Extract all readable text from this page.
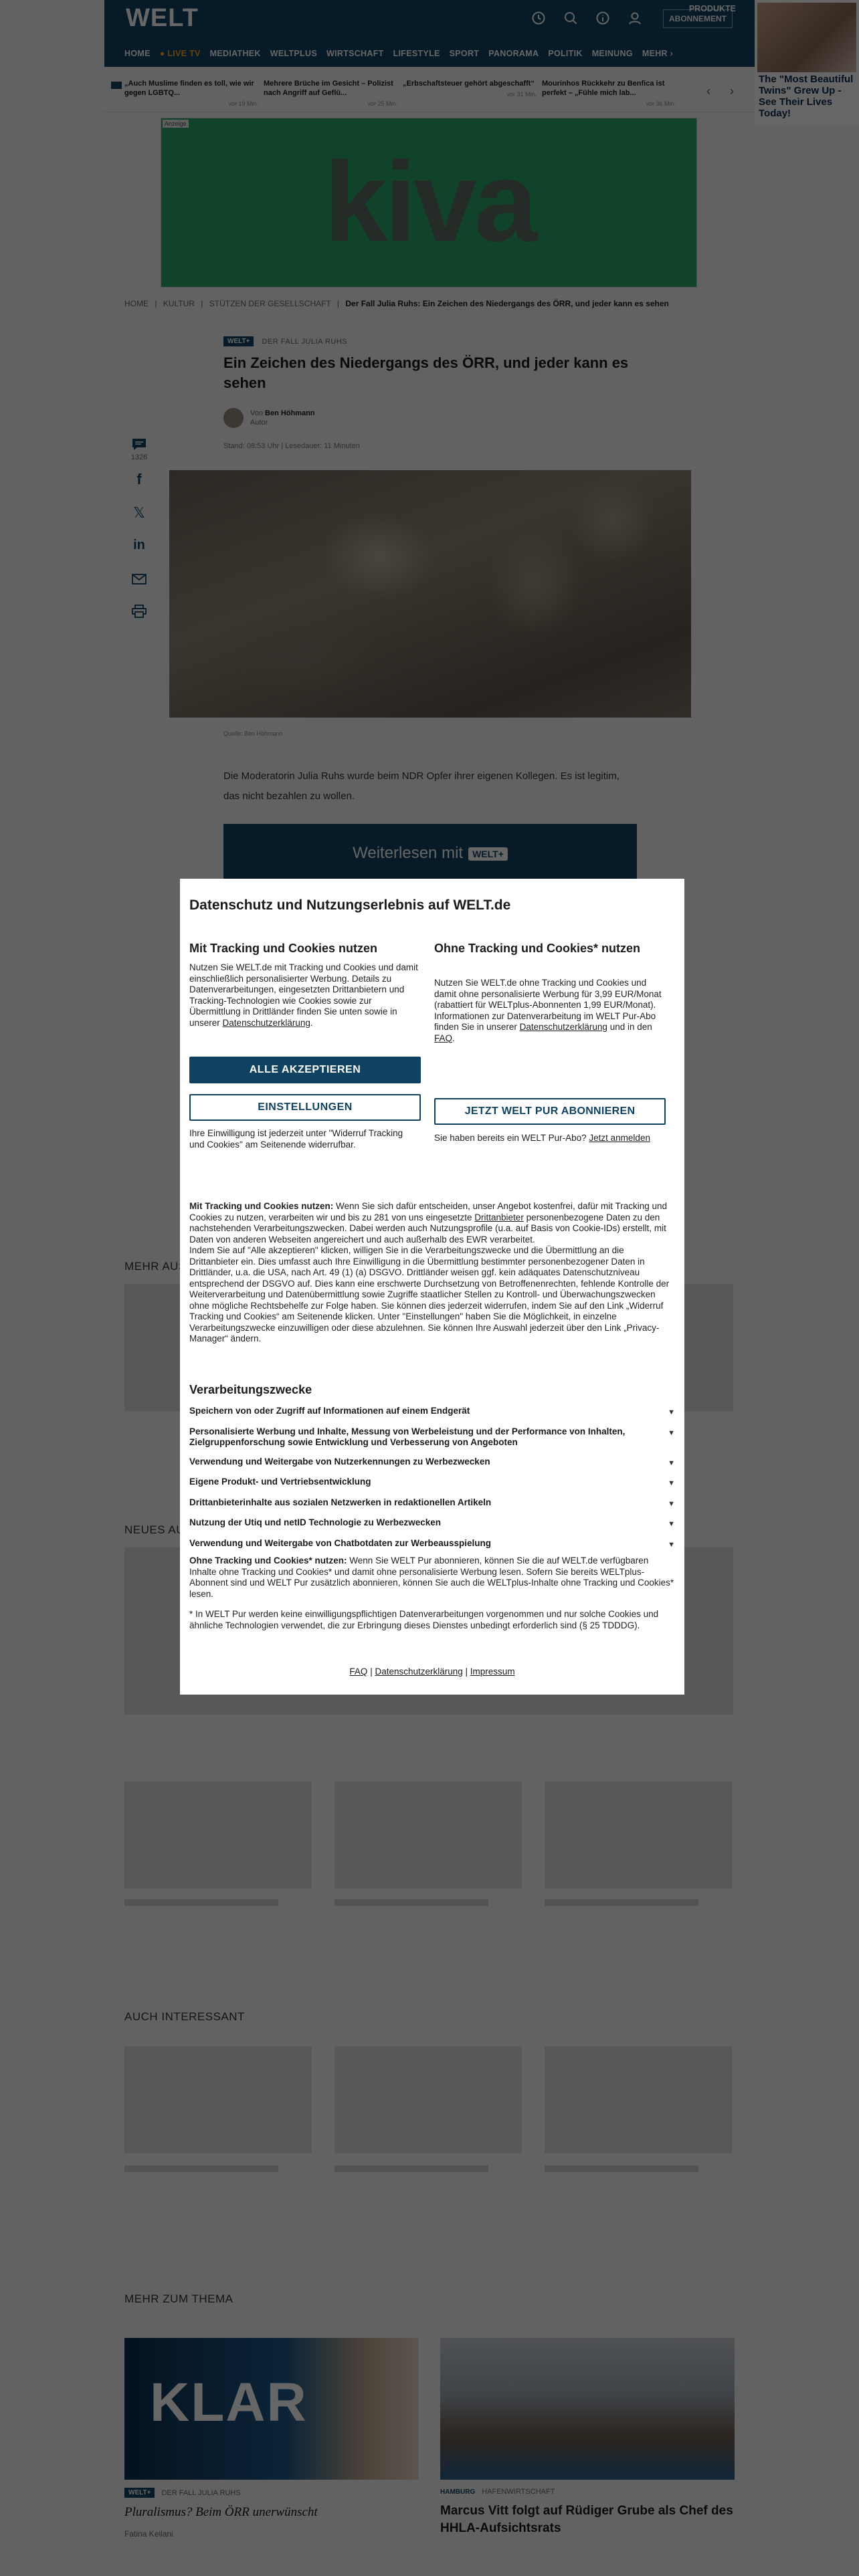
Datenschutz und Nutzungserlebnis auf WELT.de
Mit Tracking und Cookies nutzen
Nutzen Sie WELT.de mit Tracking und Cookies und damit einschließlich personalisierter Werbung. Details zu Datenverarbeitungen, eingesetzten Drittanbietern und Tracking-Technologien wie Cookies sowie zur Übermittlung in Drittländer finden Sie unten sowie in unserer Datenschutzerklärung.
ALLE AKZEPTIEREN
EINSTELLUNGEN
Ihre Einwilligung ist jederzeit unter "Widerruf Tracking und Cookies" am Seitenende widerrufbar.
Ohne Tracking und Cookies* nutzen
Nutzen Sie WELT.de ohne Tracking und Cookies und damit ohne personalisierte Werbung für 3,99 EUR/Monat (rabattiert für WELTplus-Abonnenten 1,99 EUR/Monat). Informationen zur Datenverarbeitung im WELT Pur-Abo finden Sie in unserer Datenschutzerklärung und in den FAQ.
JETZT WELT PUR ABONNIEREN
Sie haben bereits ein WELT Pur-Abo? Jetzt anmelden
Mit Tracking und Cookies nutzen: Wenn Sie sich dafür entscheiden, unser Angebot kostenfrei, dafür mit Tracking und Cookies zu nutzen, verarbeiten wir und bis zu 281 von uns eingesetzte Drittanbieter personenbezogene Daten zu den nachstehenden Verarbeitungszwecken. Dabei werden auch Nutzungsprofile (u.a. auf Basis von Cookie-IDs) erstellt, mit Daten von anderen Webseiten angereichert und auch außerhalb des EWR verarbeitet.
Indem Sie auf "Alle akzeptieren" klicken, willigen Sie in die Verarbeitungszwecke und die Übermittlung an die Drittanbieter ein. Dies umfasst auch Ihre Einwilligung in die Übermittlung bestimmter personenbezogener Daten in Drittländer, u.a. die USA, nach Art. 49 (1) (a) DSGVO. Drittländer weisen ggf. kein adäquates Datenschutzniveau entsprechend der DSGVO auf. Dies kann eine erschwerte Durchsetzung von Betroffenenrechten, fehlende Kontrolle der Weiterverarbeitung und Datenübermittlung sowie Zugriffe staatlicher Stellen zu Kontroll- und Überwachungszwecken ohne mögliche Rechtsbehelfe zur Folge haben. Sie können dies jederzeit widerrufen, indem Sie auf den Link „Widerruf Tracking und Cookies“ am Seitenende klicken. Unter "Einstellungen" haben Sie die Möglichkeit, in einzelne Verarbeitungszwecke einzuwilligen oder diese abzulehnen. Sie können Ihre Auswahl jederzeit über den Link „Privacy-Manager“ ändern.
Verarbeitungszwecke
Speichern von oder Zugriff auf Informationen auf einem Endgerät	▼
Personalisierte Werbung und Inhalte, Messung von Werbeleistung und der Performance von Inhalten, Zielgruppenforschung sowie Entwicklung und Verbesserung von Angeboten
▼
Verwendung und Weitergabe von Nutzerkennungen zu Werbezwecken	▼
Eigene Produkt- und Vertriebsentwicklung	▼
Drittanbieterinhalte aus sozialen Netzwerken in redaktionellen Artikeln	▼
Nutzung der Utiq und netID Technologie zu Werbezwecken	▼
Verwendung und Weitergabe von Chatbotdaten zur Werbeausspielung	▼
Ohne Tracking und Cookies* nutzen: Wenn Sie WELT Pur abonnieren, können Sie die auf WELT.de verfügbaren Inhalte ohne Tracking und Cookies* und damit ohne personalisierte Werbung lesen. Sofern Sie bereits WELTplus-Abonnent sind und WELT Pur zusätzlich abonnieren, können Sie auch die WELTplus-Inhalte ohne Tracking und Cookies* lesen.
* In WELT Pur werden keine einwilligungspflichtigen Datenverarbeitungen vorgenommen und nur solche Cookies und ähnliche Technologien verwendet, die zur Erbringung dieses Dienstes unbedingt erforderlich sind (§ 25 TDDDG).
FAQ | Datenschutzerklärung | Impressum
